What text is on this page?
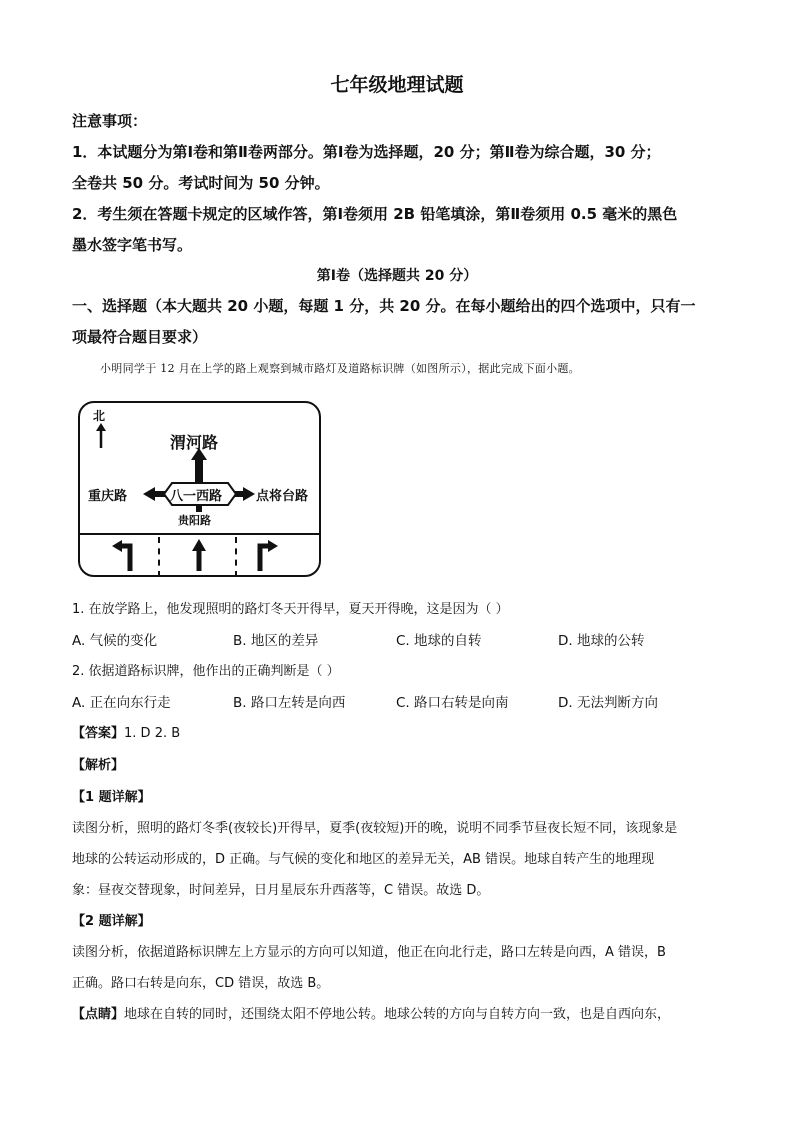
七年级地理试题
注意事项：
1．本试题分为第Ⅰ卷和第Ⅱ卷两部分。第Ⅰ卷为选择题，20 分；第Ⅱ卷为综合题，30 分；
全卷共 50 分。考试时间为 50 分钟。
2．考生须在答题卡规定的区域作答，第Ⅰ卷须用 2B 铅笔填涂，第Ⅱ卷须用 0.5 毫米的黑色
墨水签字笔书写。
第Ⅰ卷（选择题共 20 分）
一、选择题（本大题共 20 小题，每题 1 分，共 20 分。在每小题给出的四个选项中，只有一
项最符合题目要求）
小明同学于 12 月在上学的路上观察到城市路灯及道路标识牌（如图所示），据此完成下面小题。
北
渭河路
重庆路	八一西路	点将台路
贵阳路
1. 在放学路上，他发现照明的路灯冬天开得早，夏天开得晚，这是因为（ ）
A. 气候的变化	B. 地区的差异	C. 地球的自转	D. 地球的公转
2. 依据道路标识牌，他作出的正确判断是（ ）
A. 正在向东行走	B. 路口左转是向西	C. 路口右转是向南	D. 无法判断方向
【答案】1. D 2. B
【解析】
【1 题详解】
读图分析，照明的路灯冬季(夜较长)开得早，夏季(夜较短)开的晚，说明不同季节昼夜长短不同，该现象是
地球的公转运动形成的，D 正确。与气候的变化和地区的差异无关，AB 错误。地球自转产生的地理现
象：昼夜交替现象，时间差异，日月星辰东升西落等，C 错误。故选 D。
【2 题详解】
读图分析，依据道路标识牌左上方显示的方向可以知道，他正在向北行走，路口左转是向西，A 错误，B
正确。路口右转是向东，CD 错误，故选 B。
【点睛】地球在自转的同时，还围绕太阳不停地公转。地球公转的方向与自转方向一致，也是自西向东，
